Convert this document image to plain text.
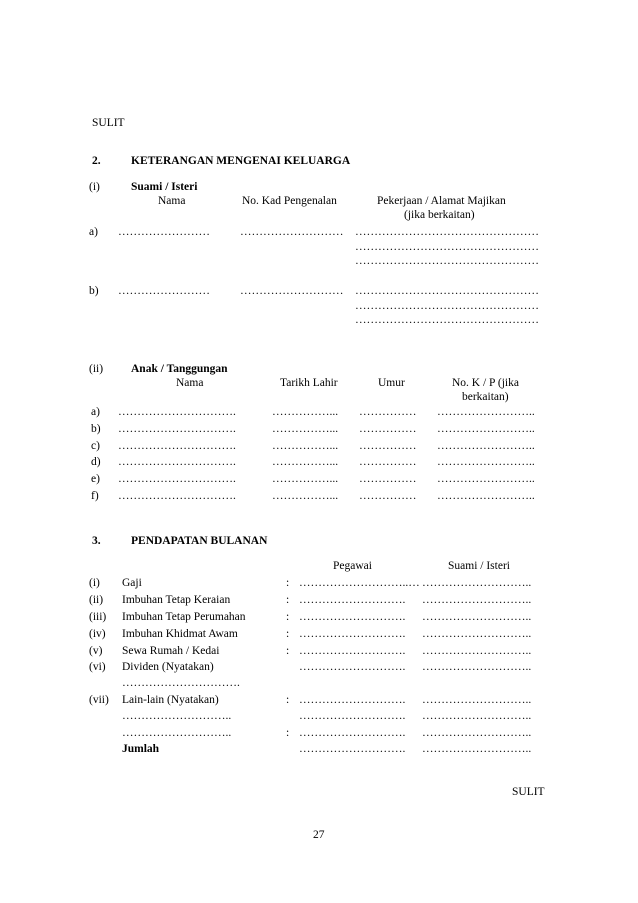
SULIT
2.	KETERANGAN MENGENAI KELUARGA
(i)	Suami / Isteri
Nama	No. Kad Pengenalan	Pekerjaan / Alamat Majikan
(jika berkaitan)
a) ……………………	……………………… …………………………………………
…………………………………………
…………………………………………
b) ……………………	……………………… …………………………………………
…………………………………………
…………………………………………
(ii) Anak / Tanggungan
Nama	Tarikh Lahir	Umur	No. K / P (jika
berkaitan)
a) ………………………….	……………... …………… ……………………..
b) ………………………….	……………... …………… ……………………..
c) ………………………….	……………... …………… ……………………..
d) ………………………….	……………... …………… ……………………..
e) ………………………….	……………... …………… ……………………..
f) ………………………….	……………... …………… ……………………..
3.	PENDAPATAN BULANAN
Pegawai	Suami / Isteri
(i) Gaji	: ………………………..… ………………………..
(ii) Imbuhan Tetap Keraian	: ………………………. ………………………..
(iii) Imbuhan Tetap Perumahan	: ………………………. ………………………..
(iv) Imbuhan Khidmat Awam	: ………………………. ………………………..
(v) Sewa Rumah / Kedai	: ………………………. ………………………..
(vi) Dividen (Nyatakan)	………………………. ………………………..
………………………….
(vii) Lain-lain (Nyatakan)	: ………………………. ………………………..
………………………..	………………………. ………………………..
………………………..	: ………………………. ………………………..
Jumlah	………………………. ………………………..
SULIT
27
